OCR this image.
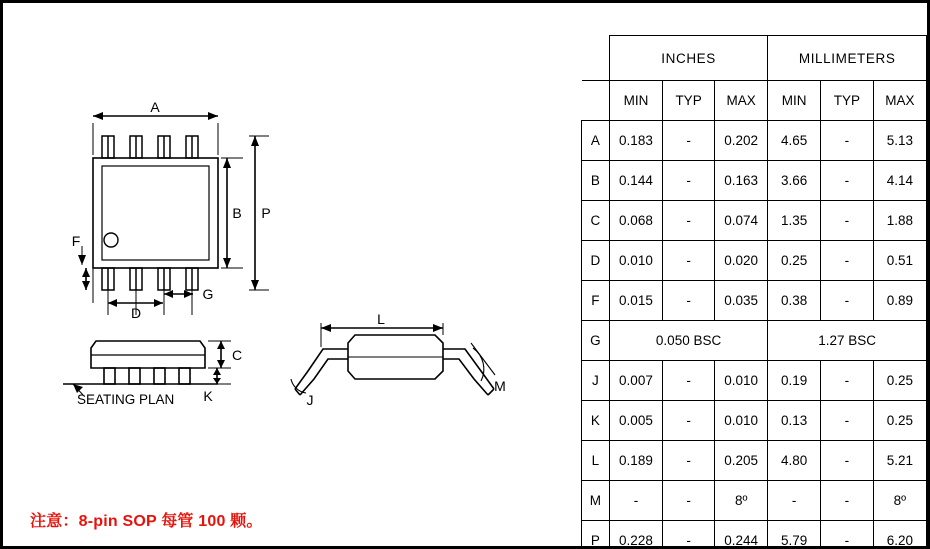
A
B P
F
D
G
SEATING PLAN
C
K
L
J
M
注意：8-pin SOP 每管 100 颗。
	INCHES			MILLIMETERS		
	MIN	TYP	MAX	MIN	TYP	MAX
A	0.183	-	0.202	4.65	-	5.13
B	0.144	-	0.163	3.66	-	4.14
C	0.068	-	0.074	1.35	-	1.88
D	0.010	-	0.020	0.25	-	0.51
F	0.015	-	0.035	0.38	-	0.89
G	0.050 BSC			1.27 BSC		
J	0.007	-	0.010	0.19	-	0.25
K	0.005	-	0.010	0.13	-	0.25
L	0.189	-	0.205	4.80	-	5.21
M	-	-	8º	-	-	8º
P	0.228	-	0.244	5.79	-	6.20
